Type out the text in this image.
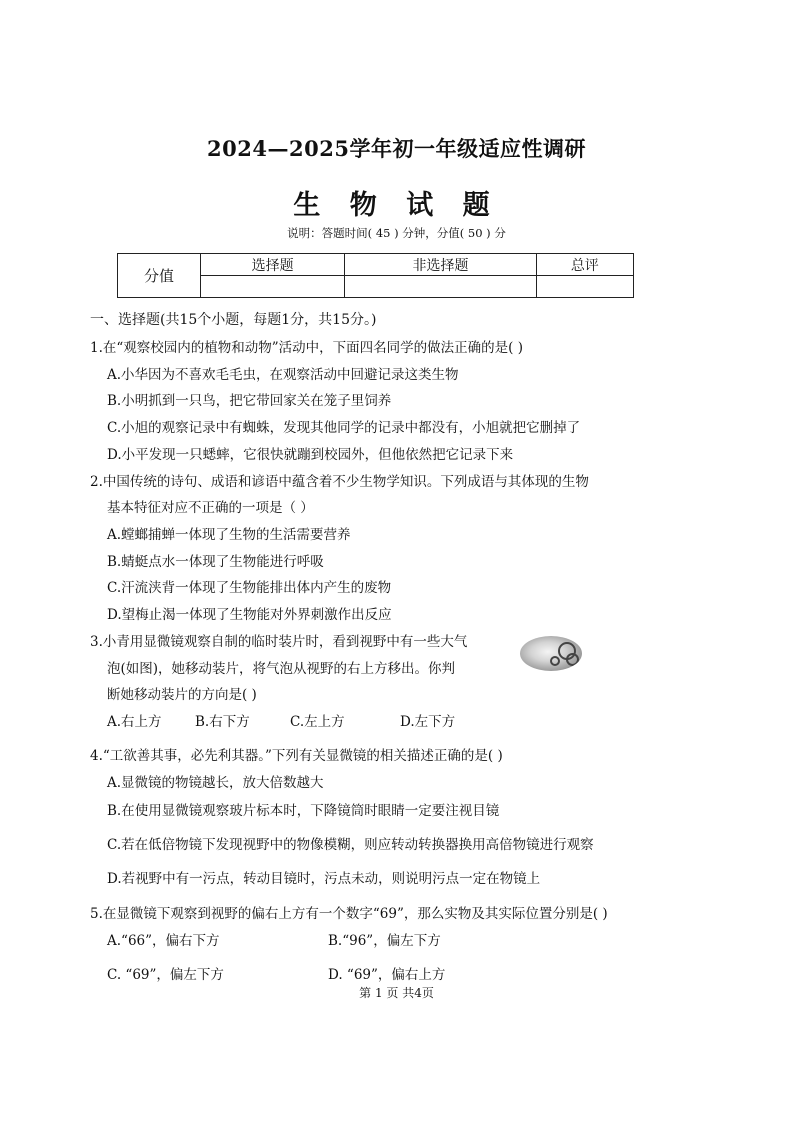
2024—2025学年初一年级适应性调研
生 物 试 题
说明：答题时间( 45 ) 分钟，分值( 50 ) 分
分值	选择题	非选择题	总评

一、选择题(共15个小题，每题1分，共15分。)
1.在“观察校园内的植物和动物”活动中，下面四名同学的做法正确的是( )
A.小华因为不喜欢毛毛虫，在观察活动中回避记录这类生物
B.小明抓到一只鸟，把它带回家关在笼子里饲养
C.小旭的观察记录中有蜘蛛，发现其他同学的记录中都没有，小旭就把它删掉了
D.小平发现一只蟋蟀，它很快就蹦到校园外，但他依然把它记录下来
2.中国传统的诗句、成语和谚语中蕴含着不少生物学知识。下列成语与其体现的生物
基本特征对应不正确的一项是（ ）
A.螳螂捕蝉一体现了生物的生活需要营养
B.蜻蜓点水一体现了生物能进行呼吸
C.汗流浃背一体现了生物能排出体内产生的废物
D.望梅止渴一体现了生物能对外界刺激作出反应
3.小青用显微镜观察自制的临时装片时，看到视野中有一些大气
泡(如图)，她移动装片，将气泡从视野的右上方移出。你判
断她移动装片的方向是( )
A.右上方 B.右下方	C.左上方	D.左下方
4.“工欲善其事，必先利其器。”下列有关显微镜的相关描述正确的是( )
A.显微镜的物镜越长，放大倍数越大
B.在使用显微镜观察玻片标本时，下降镜筒时眼睛一定要注视目镜
C.若在低倍物镜下发现视野中的物像模糊，则应转动转换器换用高倍物镜进行观察
D.若视野中有一污点，转动目镜时，污点未动，则说明污点一定在物镜上
5.在显微镜下观察到视野的偏右上方有一个数字“69”，那么实物及其实际位置分别是( )
A.“66”，偏右下方	B.“96”，偏左下方
C. “69”，偏左下方	D. “69”，偏右上方
第 1 页 共4页
